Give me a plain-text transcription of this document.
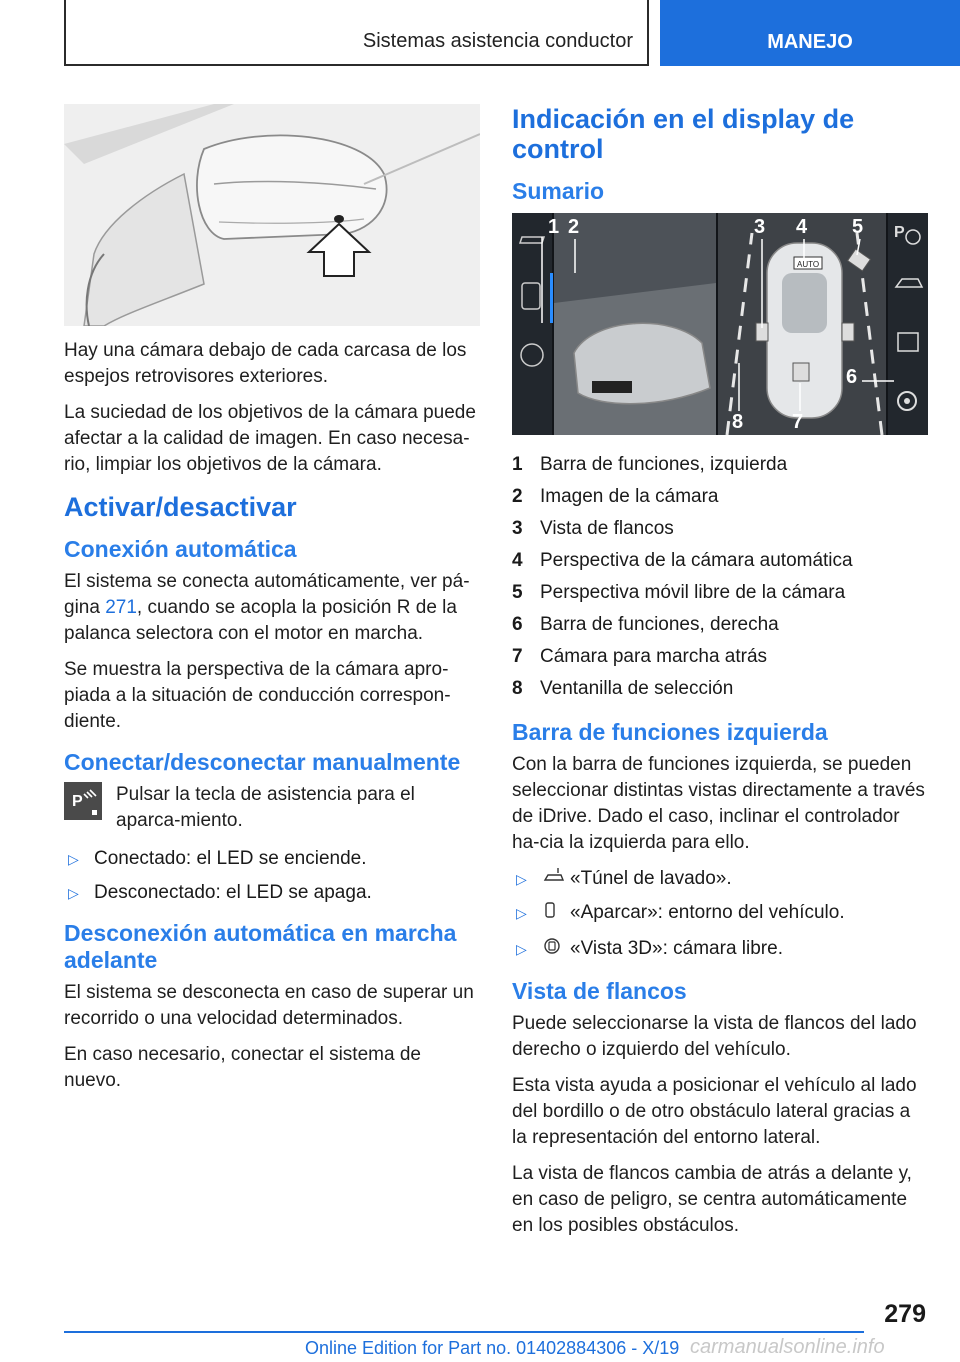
Sistemas asistencia conductor	MANEJO

Hay una cámara debajo de cada carcasa de los espejos retrovisores exteriores.

La suciedad de los objetivos de la cámara puede afectar a la calidad de imagen. En caso necesa-rio, limpiar los objetivos de la cámara.

Activar/desactivar
Conexión automática

El sistema se conecta automáticamente, ver pá-gina 271, cuando se acopla la posición R de la palanca selectora con el motor en marcha.

Se muestra la perspectiva de la cámara apro-piada a la situación de conducción correspon-diente.

Conectar/desconectar manualmente
P Pulsar la tecla de asistencia para el aparca-miento.

▷ Conectado: el LED se enciende.
▷ Desconectado: el LED se apaga.
Desconexión automática en marcha adelante

El sistema se desconecta en caso de superar un recorrido o una velocidad determinados.

En caso necesario, conectar el sistema de nuevo.

Indicación en el display de control
Sumario
AUTO
P
1 2	3 4 5
6
7
8
1 Barra de funciones, izquierda
2 Imagen de la cámara
3 Vista de flancos
4 Perspectiva de la cámara automática
5 Perspectiva móvil libre de la cámara
6 Barra de funciones, derecha
7 Cámara para marcha atrás
8 Ventanilla de selección
Barra de funciones izquierda

Con la barra de funciones izquierda, se pueden seleccionar distintas vistas directamente a través de iDrive. Dado el caso, inclinar el controlador ha-cia la izquierda para ello.

▷	«Túnel de lavado».
▷	«Aparcar»: entorno del vehículo.
▷	«Vista 3D»: cámara libre.
Vista de flancos

Puede seleccionarse la vista de flancos del lado derecho o izquierdo del vehículo.

Esta vista ayuda a posicionar el vehículo al lado del bordillo o de otro obstáculo lateral gracias a la representación del entorno lateral.

La vista de flancos cambia de atrás a delante y, en caso de peligro, se centra automáticamente en los posibles obstáculos.

279
Online Edition for Part no. 01402884306 - X/19 carmanualsonline.info
